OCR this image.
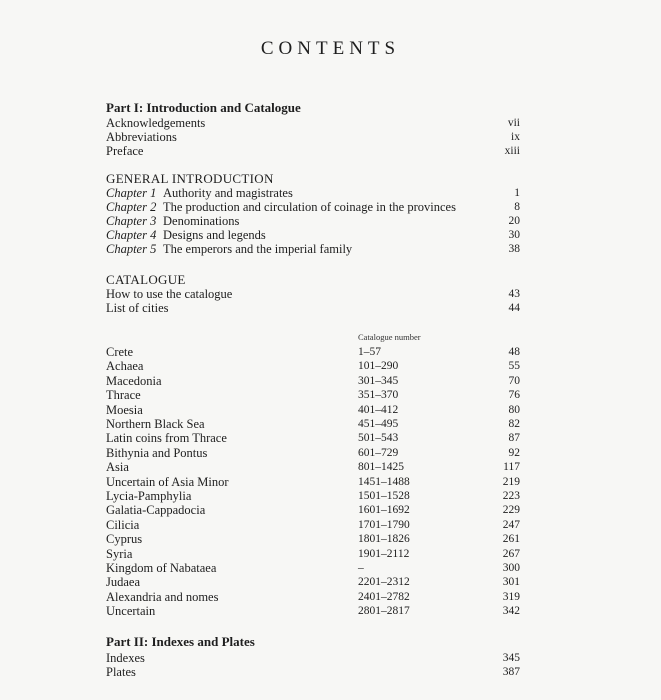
CONTENTS
Part I: Introduction and Catalogue
Acknowledgements	vii
Abbreviations	ix
Preface	xiii
GENERAL INTRODUCTION
Chapter 1 Authority and magistrates	1
Chapter 2 The production and circulation of coinage in the provinces	8
Chapter 3 Denominations	20
Chapter 4 Designs and legends	30
Chapter 5 The emperors and the imperial family	38
CATALOGUE
How to use the catalogue	43
List of cities	44
Catalogue number
Crete	1–57	48
Achaea	101–290	55
Macedonia	301–345	70
Thrace	351–370	76
Moesia	401–412	80
Northern Black Sea	451–495	82
Latin coins from Thrace	501–543	87
Bithynia and Pontus	601–729	92
Asia	801–1425	117
Uncertain of Asia Minor	1451–1488	219
Lycia-Pamphylia	1501–1528	223
Galatia-Cappadocia	1601–1692	229
Cilicia	1701–1790	247
Cyprus	1801–1826	261
Syria	1901–2112	267
Kingdom of Nabataea	–	300
Judaea	2201–2312	301
Alexandria and nomes	2401–2782	319
Uncertain	2801–2817	342
Part II: Indexes and Plates
Indexes	345
Plates	387
